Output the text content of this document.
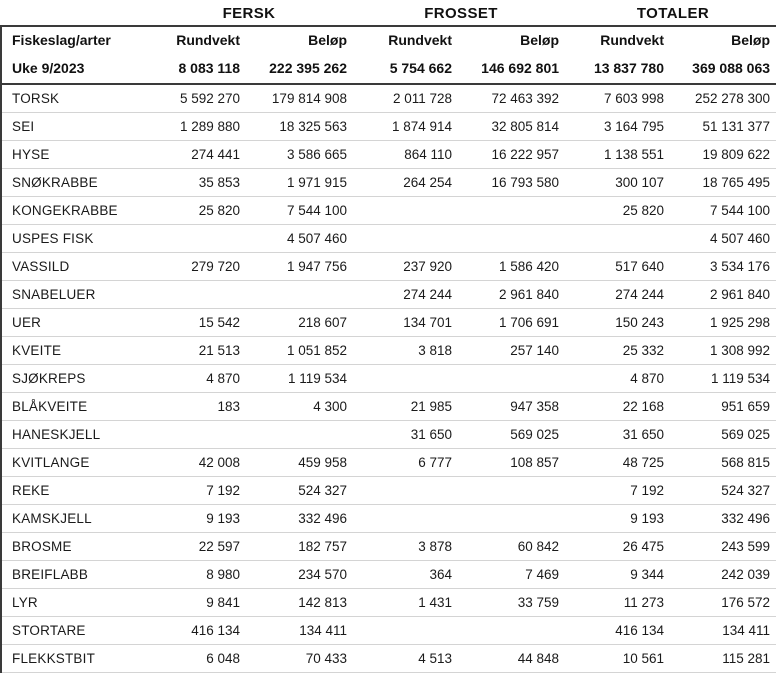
	FERSK		FROSSET		TOTALER	
Fiskeslag/arter	Rundvekt	Beløp	Rundvekt	Beløp	Rundvekt	Beløp
Uke 9/2023	8 083 118	222 395 262	5 754 662	146 692 801	13 837 780	369 088 063
TORSK	5 592 270	179 814 908	2 011 728	72 463 392	7 603 998	252 278 300
SEI	1 289 880	18 325 563	1 874 914	32 805 814	3 164 795	51 131 377
HYSE	274 441	3 586 665	864 110	16 222 957	1 138 551	19 809 622
SNØKRABBE	35 853	1 971 915	264 254	16 793 580	300 107	18 765 495
KONGEKRABBE	25 820	7 544 100			25 820	7 544 100
USPES FISK		4 507 460				4 507 460
VASSILD	279 720	1 947 756	237 920	1 586 420	517 640	3 534 176
SNABELUER			274 244	2 961 840	274 244	2 961 840
UER	15 542	218 607	134 701	1 706 691	150 243	1 925 298
KVEITE	21 513	1 051 852	3 818	257 140	25 332	1 308 992
SJØKREPS	4 870	1 119 534			4 870	1 119 534
BLÅKVEITE	183	4 300	21 985	947 358	22 168	951 659
HANESKJELL			31 650	569 025	31 650	569 025
KVITLANGE	42 008	459 958	6 777	108 857	48 725	568 815
REKE	7 192	524 327			7 192	524 327
KAMSKJELL	9 193	332 496			9 193	332 496
BROSME	22 597	182 757	3 878	60 842	26 475	243 599
BREIFLABB	8 980	234 570	364	7 469	9 344	242 039
LYR	9 841	142 813	1 431	33 759	11 273	176 572
STORTARE	416 134	134 411			416 134	134 411
FLEKKSTBIT	6 048	70 433	4 513	44 848	10 561	115 281
